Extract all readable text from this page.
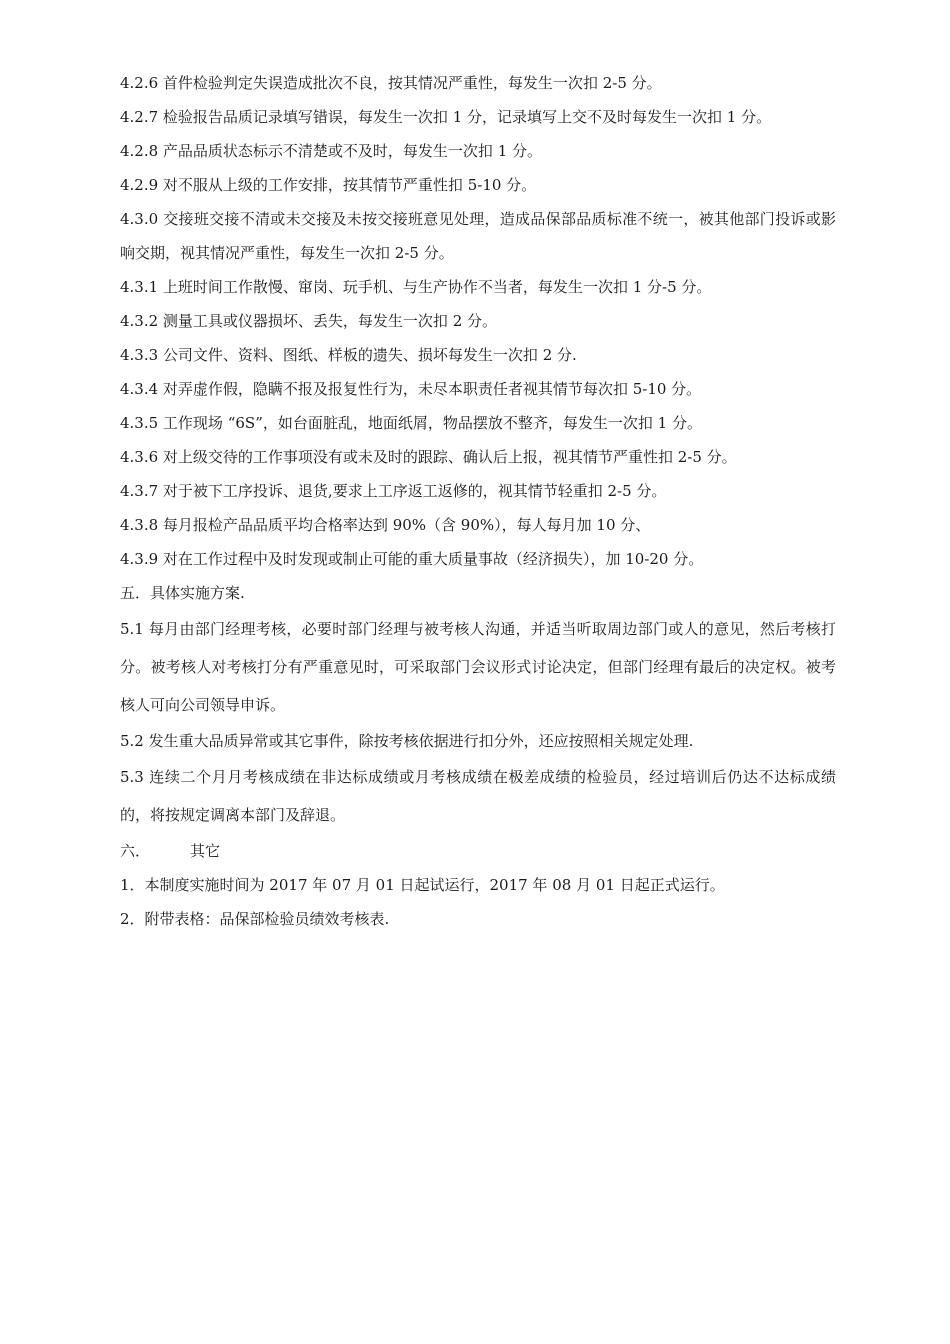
4.2.6 首件检验判定失误造成批次不良，按其情况严重性，每发生一次扣 2-5 分。

4.2.7 检验报告品质记录填写错误，每发生一次扣 1 分，记录填写上交不及时每发生一次扣 1 分。

4.2.8 产品品质状态标示不清楚或不及时，每发生一次扣 1 分。

4.2.9 对不服从上级的工作安排，按其情节严重性扣 5-10 分。

4.3.0 交接班交接不清或未交接及未按交接班意见处理，造成品保部品质标准不统一，被其他部门投诉或影响交期，视其情况严重性，每发生一次扣 2-5 分。

4.3.1 上班时间工作散慢、窜岗、玩手机、与生产协作不当者，每发生一次扣 1 分-5 分。

4.3.2 测量工具或仪器损坏、丢失，每发生一次扣 2 分。

4.3.3 公司文件、资料、图纸、样板的遗失、损坏每发生一次扣 2 分.

4.3.4 对弄虚作假，隐瞒不报及报复性行为，未尽本职责任者视其情节每次扣 5-10 分。

4.3.5 工作现场 “6S”，如台面脏乱，地面纸屑，物品摆放不整齐，每发生一次扣 1 分。

4.3.6 对上级交待的工作事项没有或未及时的跟踪、确认后上报，视其情节严重性扣 2-5 分。

4.3.7 对于被下工序投诉、退货,要求上工序返工返修的，视其情节轻重扣 2-5 分。

4.3.8 每月报检产品品质平均合格率达到 90%（含 90%），每人每月加 10 分、

4.3.9 对在工作过程中及时发现或制止可能的重大质量事故（经济损失），加 10-20 分。

五．具体实施方案.

5.1 每月由部门经理考核，必要时部门经理与被考核人沟通，并适当听取周边部门或人的意见，然后考核打分。被考核人对考核打分有严重意见时，可采取部门会议形式讨论决定，但部门经理有最后的决定权。被考核人可向公司领导申诉。

5.2 发生重大品质异常或其它事件，除按考核依据进行扣分外，还应按照相关规定处理.

5.3 连续二个月月考核成绩在非达标成绩或月考核成绩在极差成绩的检验员，经过培训后仍达不达标成绩的，将按规定调离本部门及辞退。

六．	其它

1．本制度实施时间为 2017 年 07 月 01 日起试运行，2017 年 08 月 01 日起正式运行。

2．附带表格：品保部检验员绩效考核表.
